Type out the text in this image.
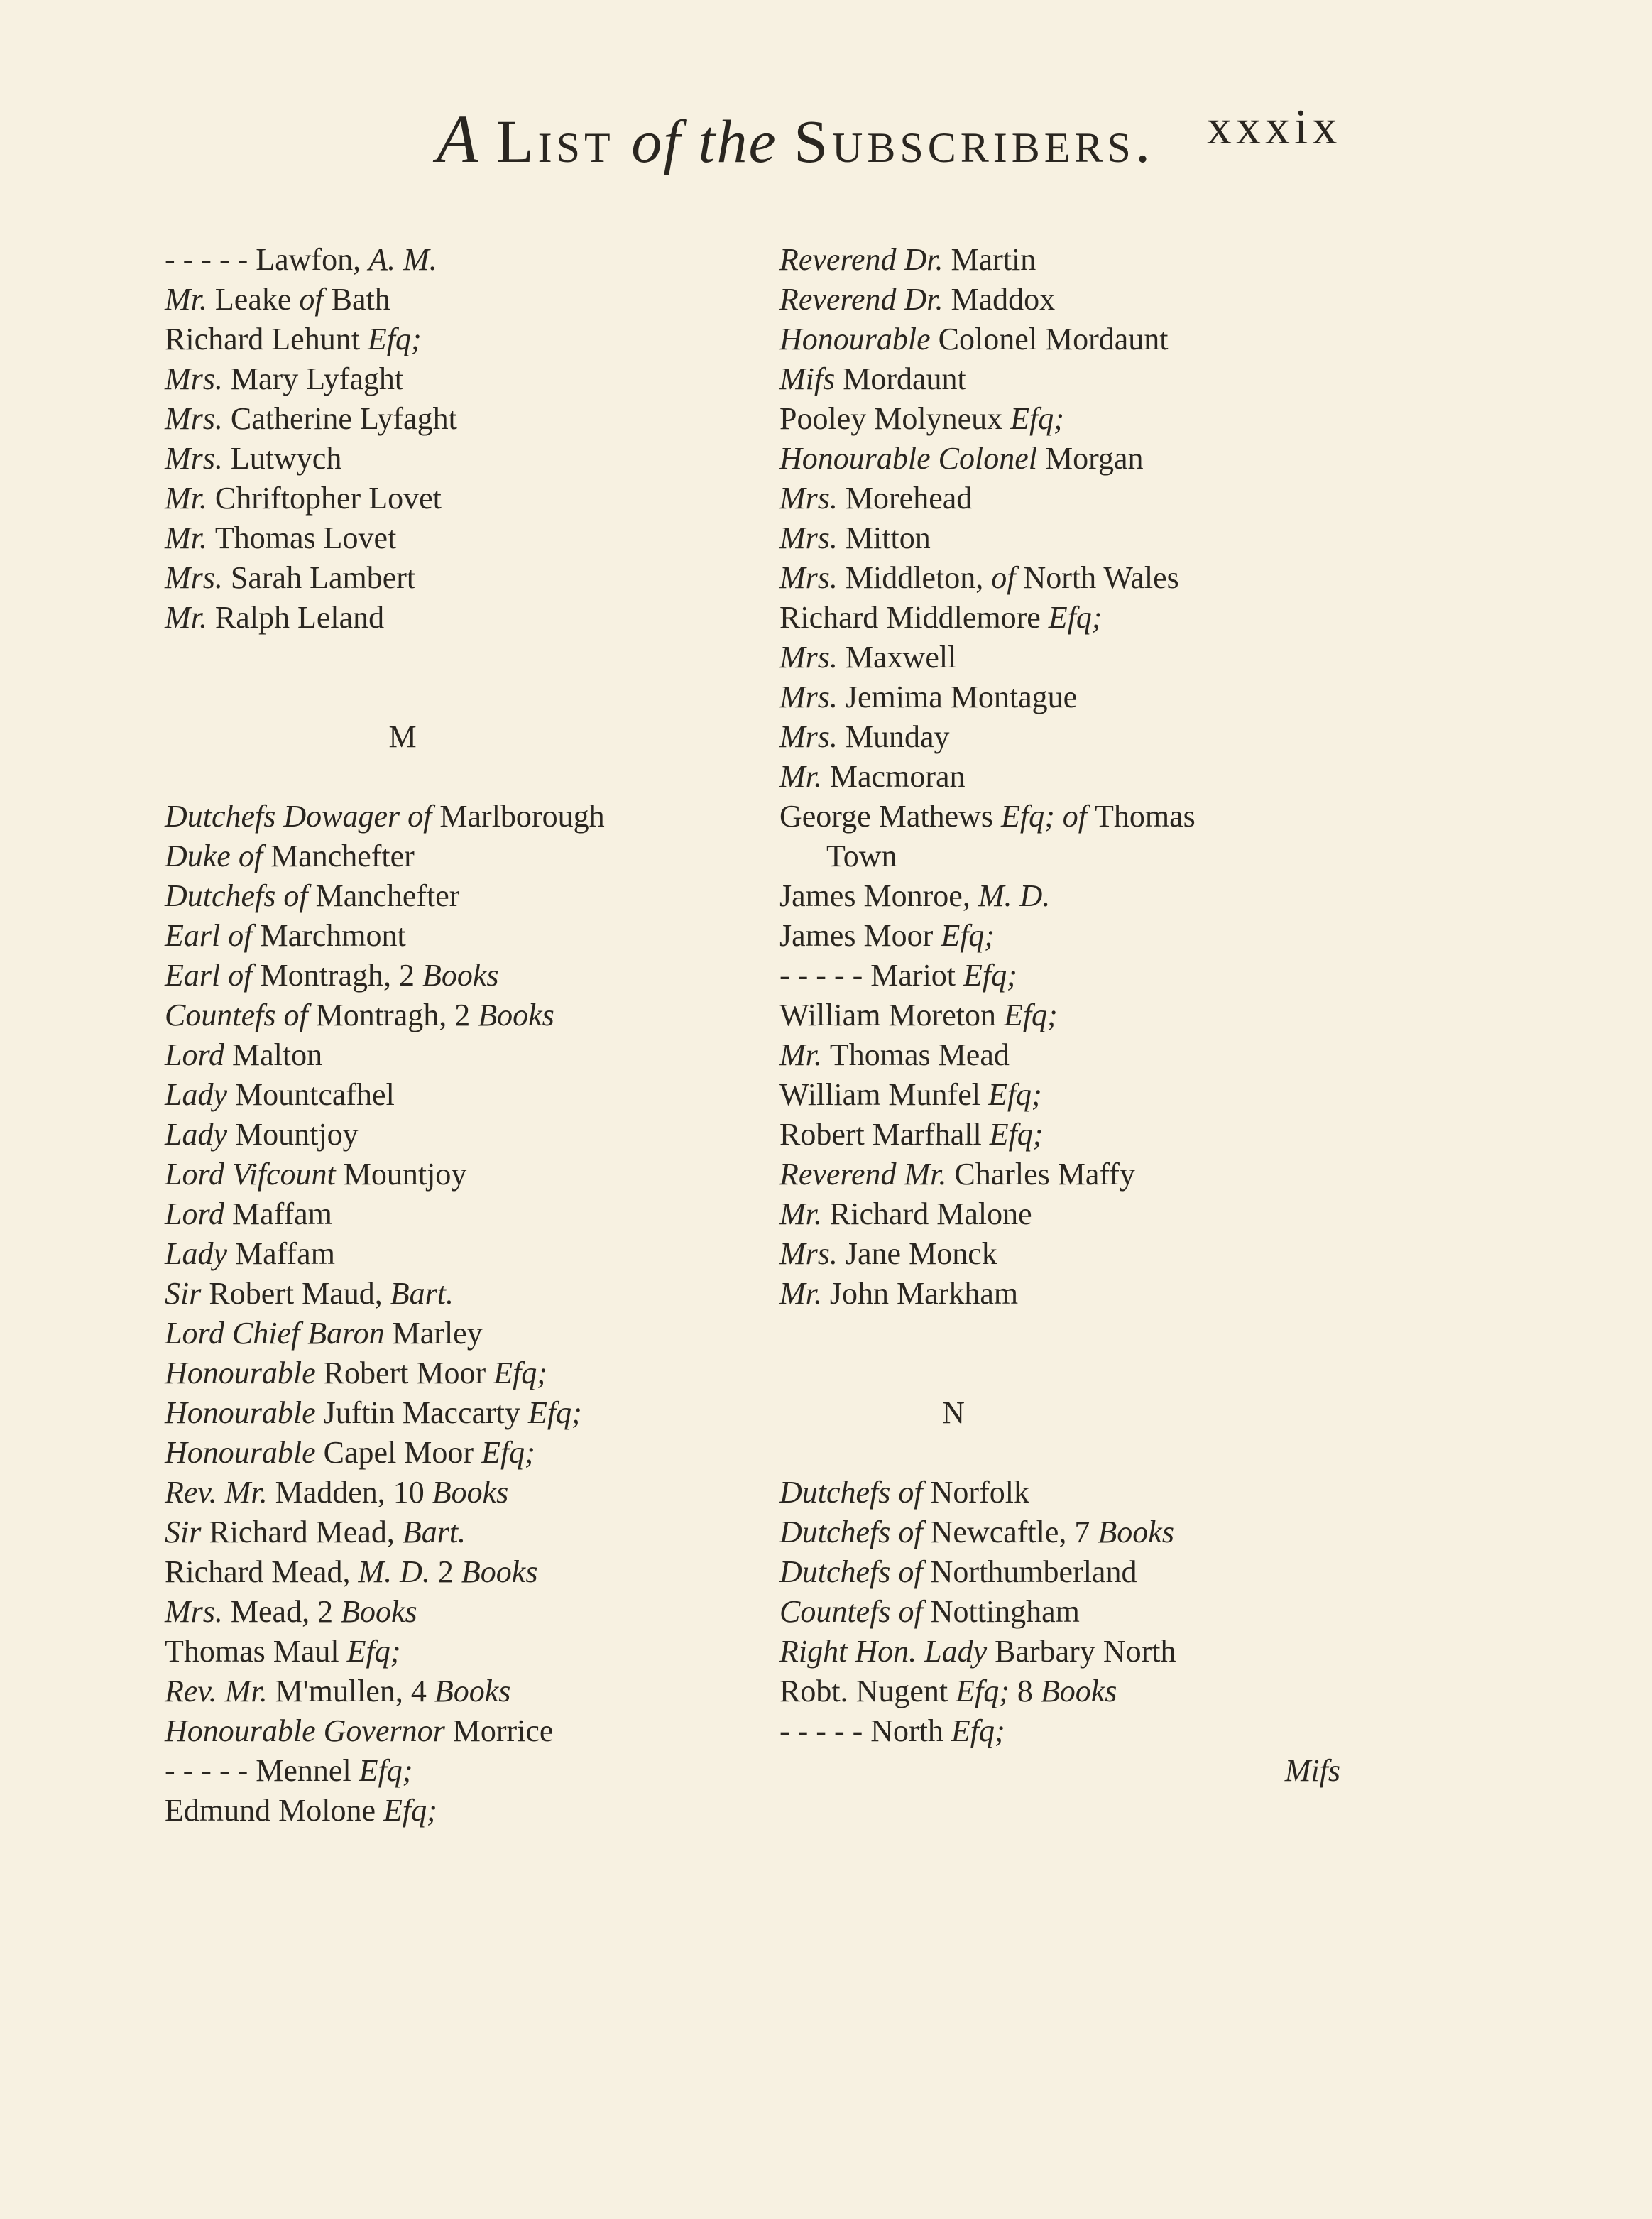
A List of the Subscribers. xxxix
- - - - - Lawfon, A. M.
Mr. Leake of Bath
Richard Lehunt Efq;
Mrs. Mary Lyfaght
Mrs. Catherine Lyfaght
Mrs. Lutwych
Mr. Chriftopher Lovet
Mr. Thomas Lovet
Mrs. Sarah Lambert
Mr. Ralph Leland
M
Dutchefs Dowager of Marlborough
Duke of Manchefter
Dutchefs of Manchefter
Earl of Marchmont
Earl of Montragh, 2 Books
Countefs of Montragh, 2 Books
Lord Malton
Lady Mountcafhel
Lady Mountjoy
Lord Vifcount Mountjoy
Lord Maffam
Lady Maffam
Sir Robert Maud, Bart.
Lord Chief Baron Marley
Honourable Robert Moor Efq;
Honourable Juftin Maccarty Efq;
Honourable Capel Moor Efq;
Rev. Mr. Madden, 10 Books
Sir Richard Mead, Bart.
Richard Mead, M. D. 2 Books
Mrs. Mead, 2 Books
Thomas Maul Efq;
Rev. Mr. M'mullen, 4 Books
Honourable Governor Morrice
- - - - - Mennel Efq;
Edmund Molone Efq;
Reverend Dr. Martin
Reverend Dr. Maddox
Honourable Colonel Mordaunt
Mifs Mordaunt
Pooley Molyneux Efq;
Honourable Colonel Morgan
Mrs. Morehead
Mrs. Mitton
Mrs. Middleton, of North Wales
Richard Middlemore Efq;
Mrs. Maxwell
Mrs. Jemima Montague
Mrs. Munday
Mr. Macmoran
George Mathews Efq; of Thomas
Town
James Monroe, M. D.
James Moor Efq;
- - - - - Mariot Efq;
William Moreton Efq;
Mr. Thomas Mead
William Munfel Efq;
Robert Marfhall Efq;
Reverend Mr. Charles Maffy
Mr. Richard Malone
Mrs. Jane Monck
Mr. John Markham
N
Dutchefs of Norfolk
Dutchefs of Newcaftle, 7 Books
Dutchefs of Northumberland
Countefs of Nottingham
Right Hon. Lady Barbary North
Robt. Nugent Efq; 8 Books
- - - - - North Efq;
Mifs
